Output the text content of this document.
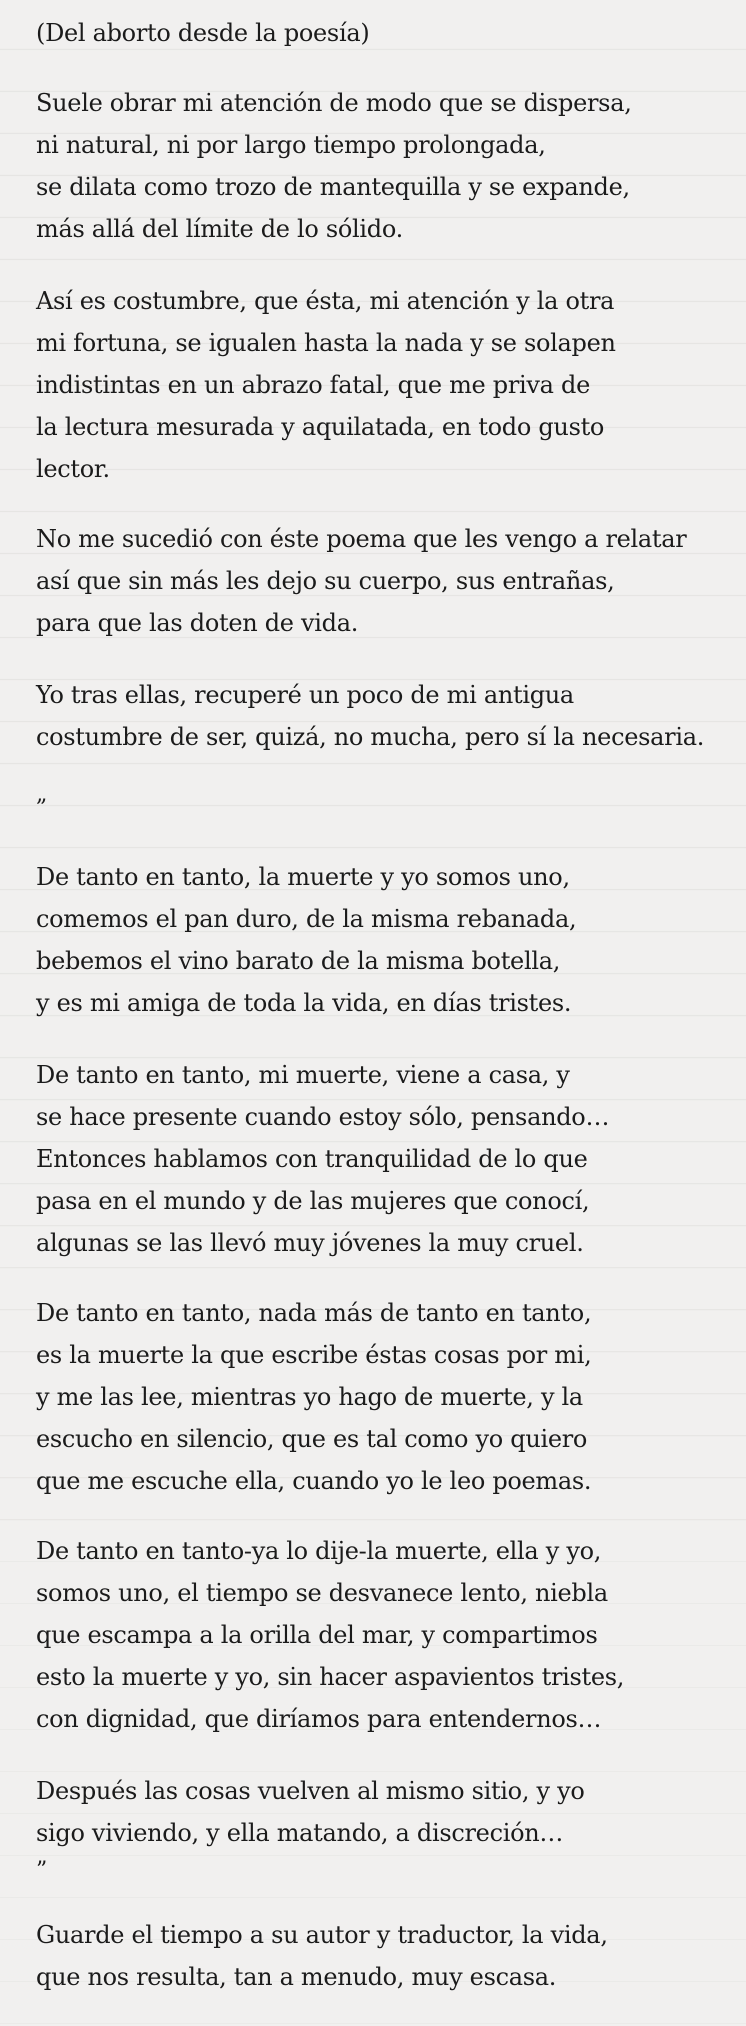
(Del aborto desde la poesía)

Suele obrar mi atención de modo que se dispersa,
ni natural, ni por largo tiempo prolongada,
se dilata como trozo de mantequilla y se expande,
más allá del límite de lo sólido.

Así es costumbre, que ésta, mi atención y la otra
mi fortuna, se igualen hasta la nada y se solapen
indistintas en un abrazo fatal, que me priva de
la lectura mesurada y aquilatada, en todo gusto
lector.

No me sucedió con éste poema que les vengo a relatar
así que sin más les dejo su cuerpo, sus entrañas,
para que las doten de vida.

Yo tras ellas, recuperé un poco de mi antigua
costumbre de ser, quizá, no mucha, pero sí la necesaria.

„

De tanto en tanto, la muerte y yo somos uno,
comemos el pan duro, de la misma rebanada,
bebemos el vino barato de la misma botella,
y es mi amiga de toda la vida, en días tristes.

De tanto en tanto, mi muerte, viene a casa, y
se hace presente cuando estoy sólo, pensando…
Entonces hablamos con tranquilidad de lo que
pasa en el mundo y de las mujeres que conocí,
algunas se las llevó muy jóvenes la muy cruel.

De tanto en tanto, nada más de tanto en tanto,
es la muerte la que escribe éstas cosas por mi,
y me las lee, mientras yo hago de muerte, y la
escucho en silencio, que es tal como yo quiero
que me escuche ella, cuando yo le leo poemas.

De tanto en tanto-ya lo dije-la muerte, ella y yo,
somos uno, el tiempo se desvanece lento, niebla
que escampa a la orilla del mar, y compartimos
esto la muerte y yo, sin hacer aspavientos tristes,
con dignidad, que diríamos para entendernos…

Después las cosas vuelven al mismo sitio, y yo
sigo viviendo, y ella matando, a discreción…

”

Guarde el tiempo a su autor y traductor, la vida,
que nos resulta, tan a menudo, muy escasa.
